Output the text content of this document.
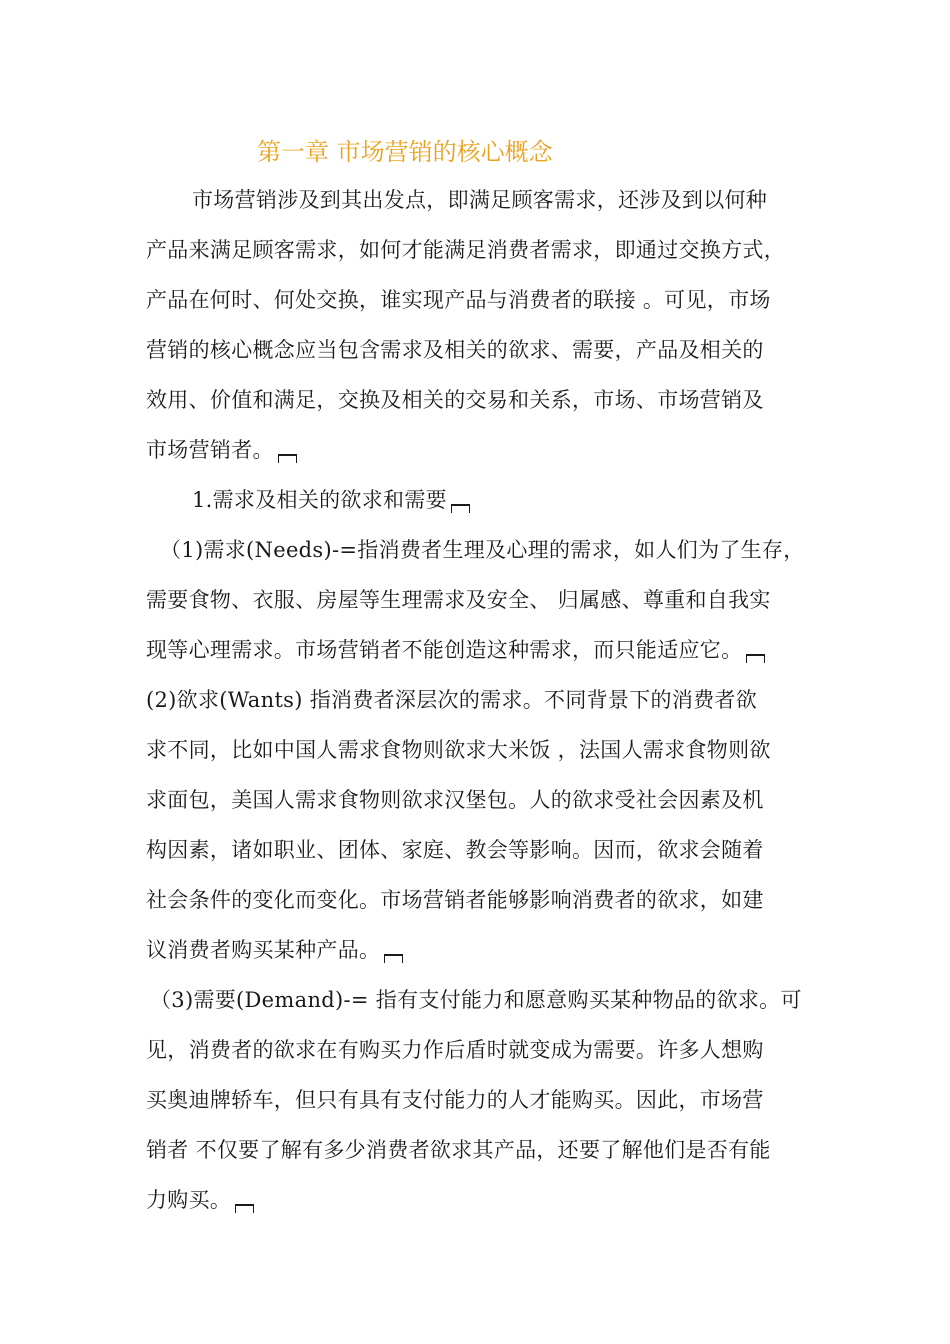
第一章 市场营销的核心概念
市场营销涉及到其出发点，即满足顾客需求，还涉及到以何种
产品来满足顾客需求，如何才能满足消费者需求，即通过交换方式，
产品在何时、何处交换，谁实现产品与消费者的联接 。可见，市场
营销的核心概念应当包含需求及相关的欲求、需要，产品及相关的
效用、价值和满足，交换及相关的交易和关系，市场、市场营销及
市场营销者。
1.需求及相关的欲求和需要
（1)需求(Needs)-=指消费者生理及心理的需求，如人们为了生存，
需要食物、衣服、房屋等生理需求及安全、 归属感、尊重和自我实
现等心理需求。市场营销者不能创造这种需求，而只能适应它。
(2)欲求(Wants) 指消费者深层次的需求。不同背景下的消费者欲
求不同，比如中国人需求食物则欲求大米饭 ，法国人需求食物则欲
求面包，美国人需求食物则欲求汉堡包。人的欲求受社会因素及机
构因素，诸如职业、团体、家庭、教会等影响。因而，欲求会随着
社会条件的变化而变化。市场营销者能够影响消费者的欲求，如建
议消费者购买某种产品。
（3)需要(Demand)-= 指有支付能力和愿意购买某种物品的欲求。可
见，消费者的欲求在有购买力作后盾时就变成为需要。许多人想购
买奥迪牌轿车，但只有具有支付能力的人才能购买。因此，市场营
销者 不仅要了解有多少消费者欲求其产品，还要了解他们是否有能
力购买。
